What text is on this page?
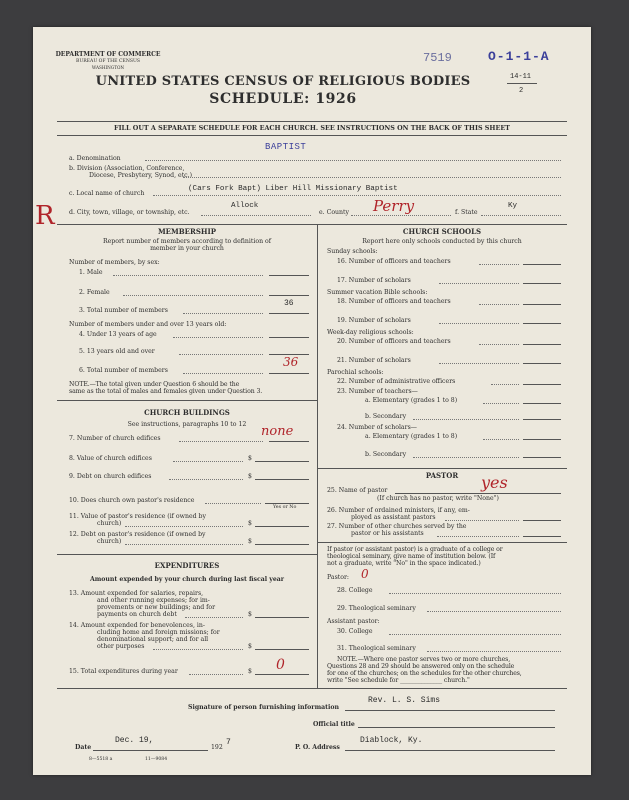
DEPARTMENT OF COMMERCE
BUREAU OF THE CENSUS
WASHINGTON
UNITED STATES CENSUS OF RELIGIOUS BODIES
SCHEDULE: 1926
7519	O-1-1-A
14-11
2
FILL OUT A SEPARATE SCHEDULE FOR EACH CHURCH. SEE INSTRUCTIONS ON THE BACK OF THIS SHEET
BAPTIST
a. Denomination
b. Division (Association, Conference,
Diocese, Presbytery, Synod, etc.)
c. Local name of church
(Cars Fork Bapt) Liber Hill Missionary Baptist
R d. City, town, village, or township, etc.
Allock
e. County Perry	f. State
Ky
MEMBERSHIP
Report number of members according to definition of
member in your church
Number of members, by sex:
1. Male
2. Female
3. Total number of members
36
Number of members under and over 13 years old:
4. Under 13 years of age
5. 13 years old and over
6. Total number of members
36
NOTE.—The total given under Question 6 should be the
same as the total of males and females given under Question 3.
CHURCH BUILDINGS
See instructions, paragraphs 10 to 12
7. Number of church edifices	none
8. Value of church edifices	$
9. Debt on church edifices	$
10. Does church own pastor's residence
Yes or No
11. Value of pastor's residence (if owned by
church)	$
12. Debt on pastor's residence (if owned by
church)	$
EXPENDITURES
Amount expended by your church during last fiscal year
13. Amount expended for salaries, repairs,
and other running expenses; for im-
provements or new buildings; and for
payments on church debt	$
14. Amount expended for benevolences, in-
cluding home and foreign missions; for
denominational support; and for all
other purposes	$
15. Total expenditures during year	0
$
CHURCH SCHOOLS
Report here only schools conducted by this church
Sunday schools:
16. Number of officers and teachers
17. Number of scholars
Summer vacation Bible schools:
18. Number of officers and teachers
19. Number of scholars
Week-day religious schools:
20. Number of officers and teachers
21. Number of scholars
Parochial schools:
22. Number of administrative officers
23. Number of teachers—
a. Elementary (grades 1 to 8)
b. Secondary
24. Number of scholars—
a. Elementary (grades 1 to 8)
b. Secondary
PASTOR
25. Name of pastor	yes
(If church has no pastor, write "None")
26. Number of ordained ministers, if any, em-
ployed as assistant pastors
27. Number of other churches served by the
pastor or his assistants
If pastor (or assistant pastor) is a graduate of a college or
theological seminary, give name of institution below. (If
not a graduate, write "No" in the space indicated.)
Pastor: 0
28. College
29. Theological seminary
Assistant pastor:
30. College
31. Theological seminary
NOTE.—Where one pastor serves two or more churches,
Questions 28 and 29 should be answered only on the schedule
for one of the churches; on the schedules for the other churches,
write "See schedule for ______________ church."
Signature of person furnishing information
Rev. L. S. Sims
Official title
Date
Dec. 19,
192
7
P. O. Address
Diablock, Ky.
8—5518 a	11—9084
